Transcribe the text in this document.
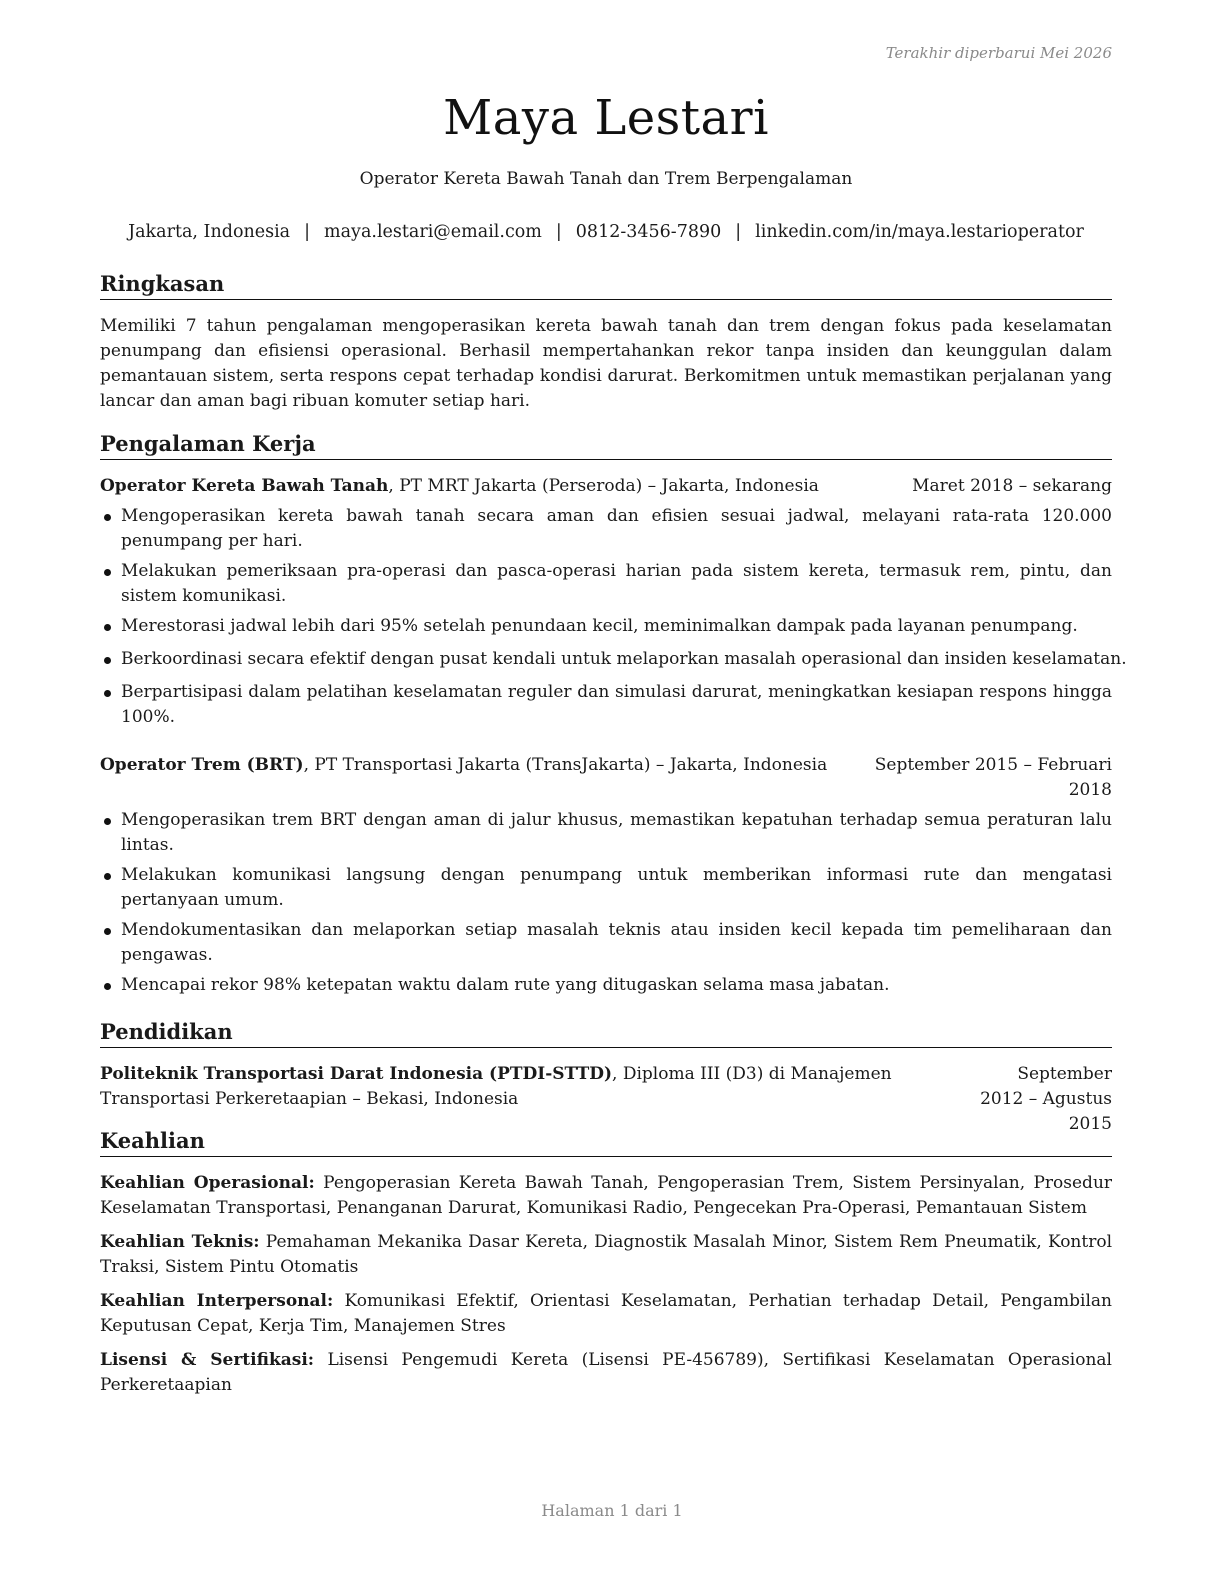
Terakhir diperbarui Mei 2026
Maya Lestari
Operator Kereta Bawah Tanah dan Trem Berpengalaman
Jakarta, Indonesia | maya.lestari@email.com | 0812-3456-7890 | linkedin.com/in/maya.lestarioperator
Ringkasan

Memiliki 7 tahun pengalaman mengoperasikan kereta bawah tanah dan trem dengan fokus pada keselamatan penumpang dan efisiensi operasional. Berhasil mempertahankan rekor tanpa insiden dan keunggulan dalam pemantauan sistem, serta respons cepat terhadap kondisi darurat. Berkomitmen untuk memastikan perjalanan yang lancar dan aman bagi ribuan komuter setiap hari.

Pengalaman Kerja
Operator Kereta Bawah Tanah, PT MRT Jakarta (Perseroda) – Jakarta, Indonesia	Maret 2018 – sekarang
Mengoperasikan kereta bawah tanah secara aman dan efisien sesuai jadwal, melayani rata-rata 120.000 penumpang per hari.
Melakukan pemeriksaan pra-operasi dan pasca-operasi harian pada sistem kereta, termasuk rem, pintu, dan sistem komunikasi.
Merestorasi jadwal lebih dari 95% setelah penundaan kecil, meminimalkan dampak pada layanan penumpang.
Berkoordinasi secara efektif dengan pusat kendali untuk melaporkan masalah operasional dan insiden keselamatan.
Berpartisipasi dalam pelatihan keselamatan reguler dan simulasi darurat, meningkatkan kesiapan respons hingga 100%.
Operator Trem (BRT), PT Transportasi Jakarta (TransJakarta) – Jakarta, Indonesia	September 2015 – Februari 2018
Mengoperasikan trem BRT dengan aman di jalur khusus, memastikan kepatuhan terhadap semua peraturan lalu lintas.
Melakukan komunikasi langsung dengan penumpang untuk memberikan informasi rute dan mengatasi pertanyaan umum.
Mendokumentasikan dan melaporkan setiap masalah teknis atau insiden kecil kepada tim pemeliharaan dan pengawas.
Mencapai rekor 98% ketepatan waktu dalam rute yang ditugaskan selama masa jabatan.
Pendidikan
Politeknik Transportasi Darat Indonesia (PTDI-STTD), Diploma III (D3) di Manajemen Transportasi Perkeretaapian – Bekasi, Indonesia
September 2012 – Agustus 2015
Keahlian

Keahlian Operasional: Pengoperasian Kereta Bawah Tanah, Pengoperasian Trem, Sistem Persinyalan, Prosedur Keselamatan Transportasi, Penanganan Darurat, Komunikasi Radio, Pengecekan Pra-Operasi, Pemantauan Sistem

Keahlian Teknis: Pemahaman Mekanika Dasar Kereta, Diagnostik Masalah Minor, Sistem Rem Pneumatik, Kontrol Traksi, Sistem Pintu Otomatis

Keahlian Interpersonal: Komunikasi Efektif, Orientasi Keselamatan, Perhatian terhadap Detail, Pengambilan Keputusan Cepat, Kerja Tim, Manajemen Stres

Lisensi & Sertifikasi: Lisensi Pengemudi Kereta (Lisensi PE-456789), Sertifikasi Keselamatan Operasional Perkeretaapian

Halaman 1 dari 1
